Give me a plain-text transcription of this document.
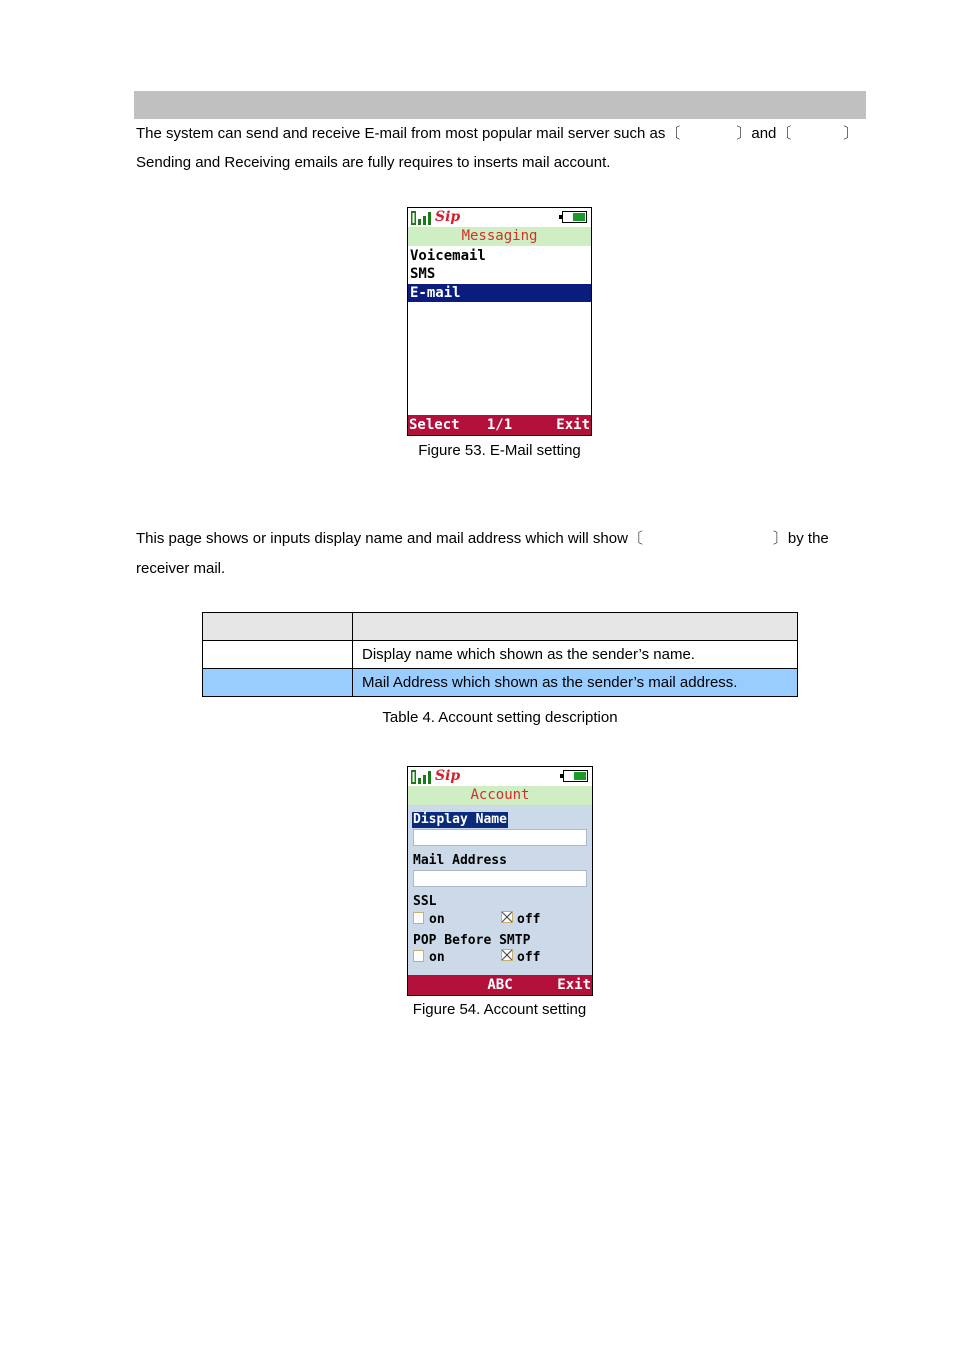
The system can send and receive E-mail from most popular mail server such as〔	〕and〔	〕
Sending and Receiving emails are fully requires to inserts mail account.
Sip
Messaging
Voicemail
SMS
E-mail
1/1
Select	Exit
Figure 53. E-Mail setting
This page shows or inputs display name and mail address which will show〔	〕by the
receiver mail.

	Display name which shown as the sender’s name.
	Mail Address which shown as the sender’s mail address.
Table 4. Account setting description
Sip
Account
Display Name
Mail Address
SSL
on	off
POP Before SMTP
on	off
ABC	Exit
Figure 54. Account setting
